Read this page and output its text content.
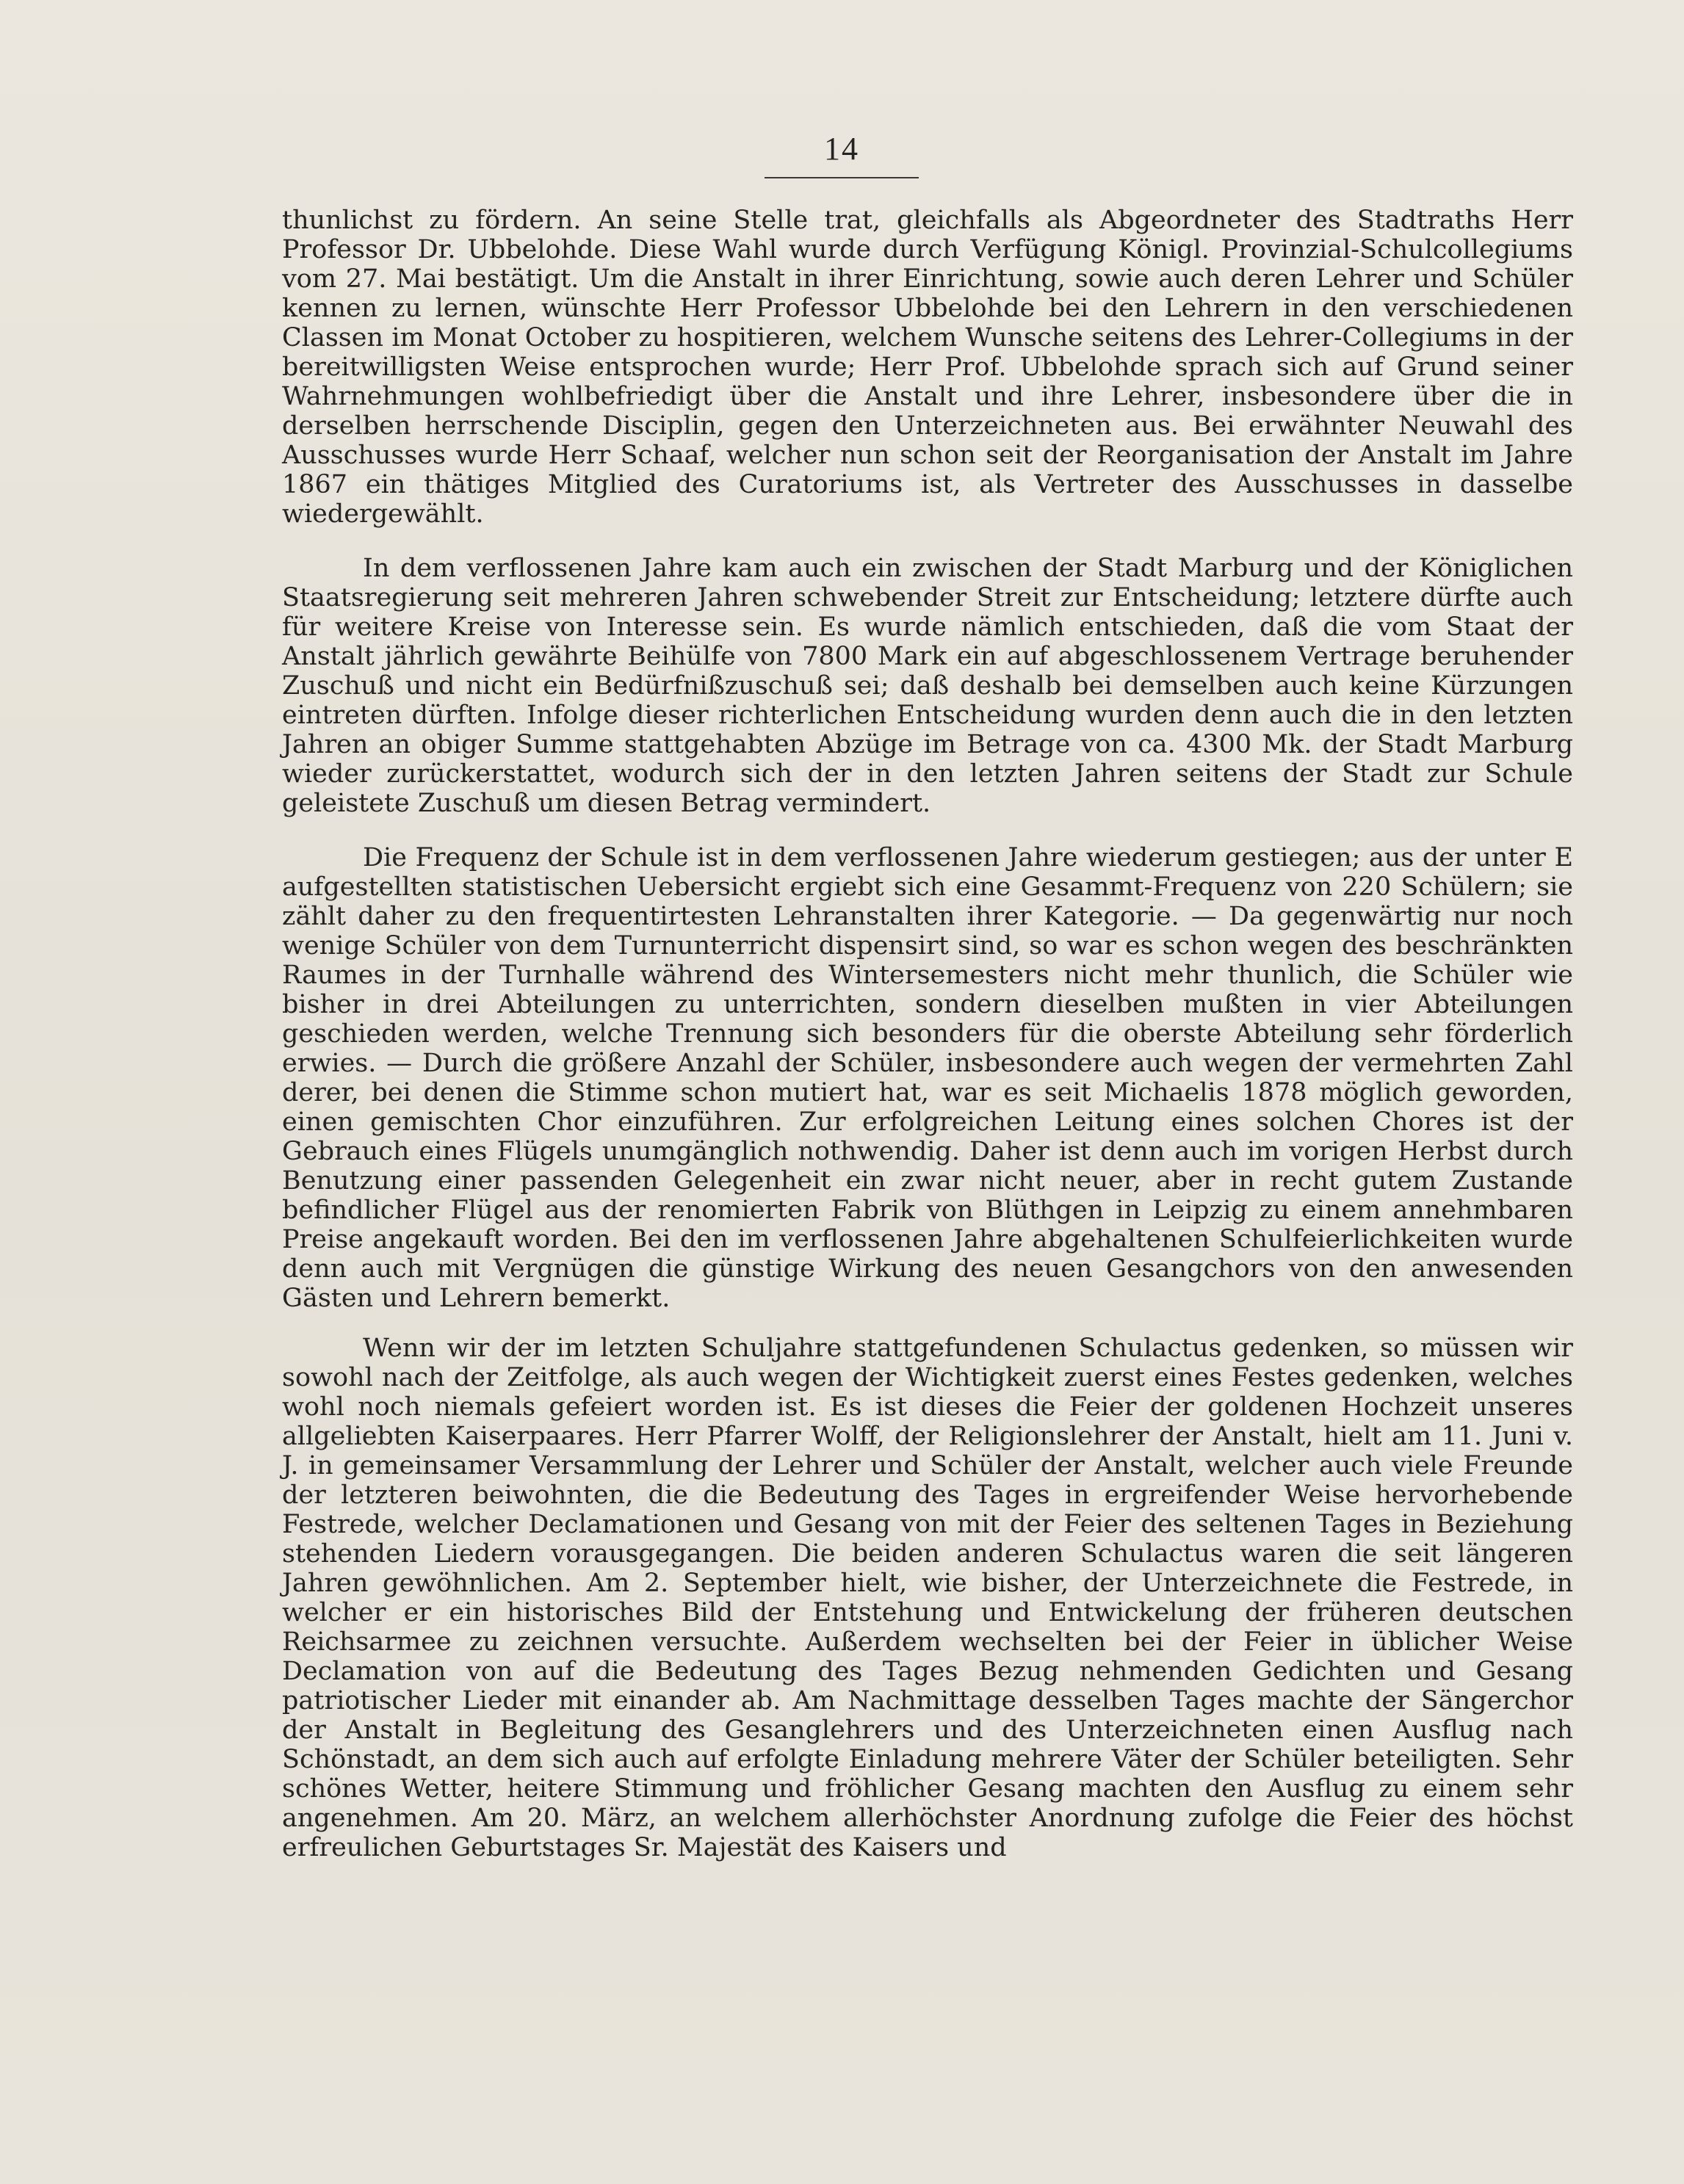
14

thunlichst zu fördern. An seine Stelle trat, gleichfalls als Abgeordneter des Stadtraths Herr Professor Dr. Ubbelohde. Diese Wahl wurde durch Verfügung Königl. Provinzial-Schulcollegiums vom 27. Mai bestätigt. Um die Anstalt in ihrer Einrichtung, sowie auch deren Lehrer und Schüler kennen zu lernen, wünschte Herr Professor Ubbelohde bei den Lehrern in den verschiedenen Classen im Monat October zu hospitieren, welchem Wunsche seitens des Lehrer-Collegiums in der bereitwilligsten Weise entsprochen wurde; Herr Prof. Ubbelohde sprach sich auf Grund seiner Wahrnehmungen wohlbefriedigt über die Anstalt und ihre Lehrer, insbesondere über die in derselben herrschende Disciplin, gegen den Unterzeichneten aus. Bei erwähnter Neuwahl des Ausschusses wurde Herr Schaaf, welcher nun schon seit der Reorganisation der Anstalt im Jahre 1867 ein thätiges Mitglied des Curatoriums ist, als Vertreter des Ausschusses in dasselbe wiedergewählt.

In dem verflossenen Jahre kam auch ein zwischen der Stadt Marburg und der Königlichen Staatsregierung seit mehreren Jahren schwebender Streit zur Entscheidung; letztere dürfte auch für weitere Kreise von Interesse sein. Es wurde nämlich entschieden, daß die vom Staat der Anstalt jährlich gewährte Beihülfe von 7800 Mark ein auf abgeschlossenem Vertrage beruhender Zuschuß und nicht ein Bedürfnißzuschuß sei; daß deshalb bei demselben auch keine Kürzungen eintreten dürften. Infolge dieser richterlichen Entscheidung wurden denn auch die in den letzten Jahren an obiger Summe stattgehabten Abzüge im Betrage von ca. 4300 Mk. der Stadt Marburg wieder zurückerstattet, wodurch sich der in den letzten Jahren seitens der Stadt zur Schule geleistete Zuschuß um diesen Betrag vermindert.

Die Frequenz der Schule ist in dem verflossenen Jahre wiederum gestiegen; aus der unter E aufgestellten statistischen Uebersicht ergiebt sich eine Gesammt-Frequenz von 220 Schülern; sie zählt daher zu den frequentirtesten Lehranstalten ihrer Kategorie. — Da gegenwärtig nur noch wenige Schüler von dem Turnunterricht dispensirt sind, so war es schon wegen des beschränkten Raumes in der Turnhalle während des Wintersemesters nicht mehr thunlich, die Schüler wie bisher in drei Abteilungen zu unterrichten, sondern dieselben mußten in vier Abteilungen geschieden werden, welche Trennung sich besonders für die oberste Abteilung sehr förderlich erwies. — Durch die größere Anzahl der Schüler, insbesondere auch wegen der vermehrten Zahl derer, bei denen die Stimme schon mutiert hat, war es seit Michaelis 1878 möglich geworden, einen gemischten Chor einzuführen. Zur erfolgreichen Leitung eines solchen Chores ist der Gebrauch eines Flügels unumgänglich nothwendig. Daher ist denn auch im vorigen Herbst durch Benutzung einer passenden Gelegenheit ein zwar nicht neuer, aber in recht gutem Zustande befindlicher Flügel aus der renomierten Fabrik von Blüthgen in Leipzig zu einem annehmbaren Preise angekauft worden. Bei den im verflossenen Jahre abgehaltenen Schulfeierlichkeiten wurde denn auch mit Vergnügen die günstige Wirkung des neuen Gesangchors von den anwesenden Gästen und Lehrern bemerkt.

Wenn wir der im letzten Schuljahre stattgefundenen Schulactus gedenken, so müssen wir sowohl nach der Zeitfolge, als auch wegen der Wichtigkeit zuerst eines Festes gedenken, welches wohl noch niemals gefeiert worden ist. Es ist dieses die Feier der goldenen Hochzeit unseres allgeliebten Kaiserpaares. Herr Pfarrer Wolff, der Religionslehrer der Anstalt, hielt am 11. Juni v. J. in gemeinsamer Versammlung der Lehrer und Schüler der Anstalt, welcher auch viele Freunde der letzteren beiwohnten, die die Bedeutung des Tages in ergreifender Weise hervorhebende Festrede, welcher Declamationen und Gesang von mit der Feier des seltenen Tages in Beziehung stehenden Liedern vorausgegangen. Die beiden anderen Schulactus waren die seit längeren Jahren gewöhnlichen. Am 2. September hielt, wie bisher, der Unterzeichnete die Festrede, in welcher er ein historisches Bild der Entstehung und Entwickelung der früheren deutschen Reichsarmee zu zeichnen versuchte. Außerdem wechselten bei der Feier in üblicher Weise Declamation von auf die Bedeutung des Tages Bezug nehmenden Gedichten und Gesang patriotischer Lieder mit einander ab. Am Nachmittage desselben Tages machte der Sängerchor der Anstalt in Begleitung des Gesanglehrers und des Unterzeichneten einen Ausflug nach Schönstadt, an dem sich auch auf erfolgte Einladung mehrere Väter der Schüler beteiligten. Sehr schönes Wetter, heitere Stimmung und fröhlicher Gesang machten den Ausflug zu einem sehr angenehmen. Am 20. März, an welchem allerhöchster Anordnung zufolge die Feier des höchst erfreulichen Geburtstages Sr. Majestät des Kaisers und
